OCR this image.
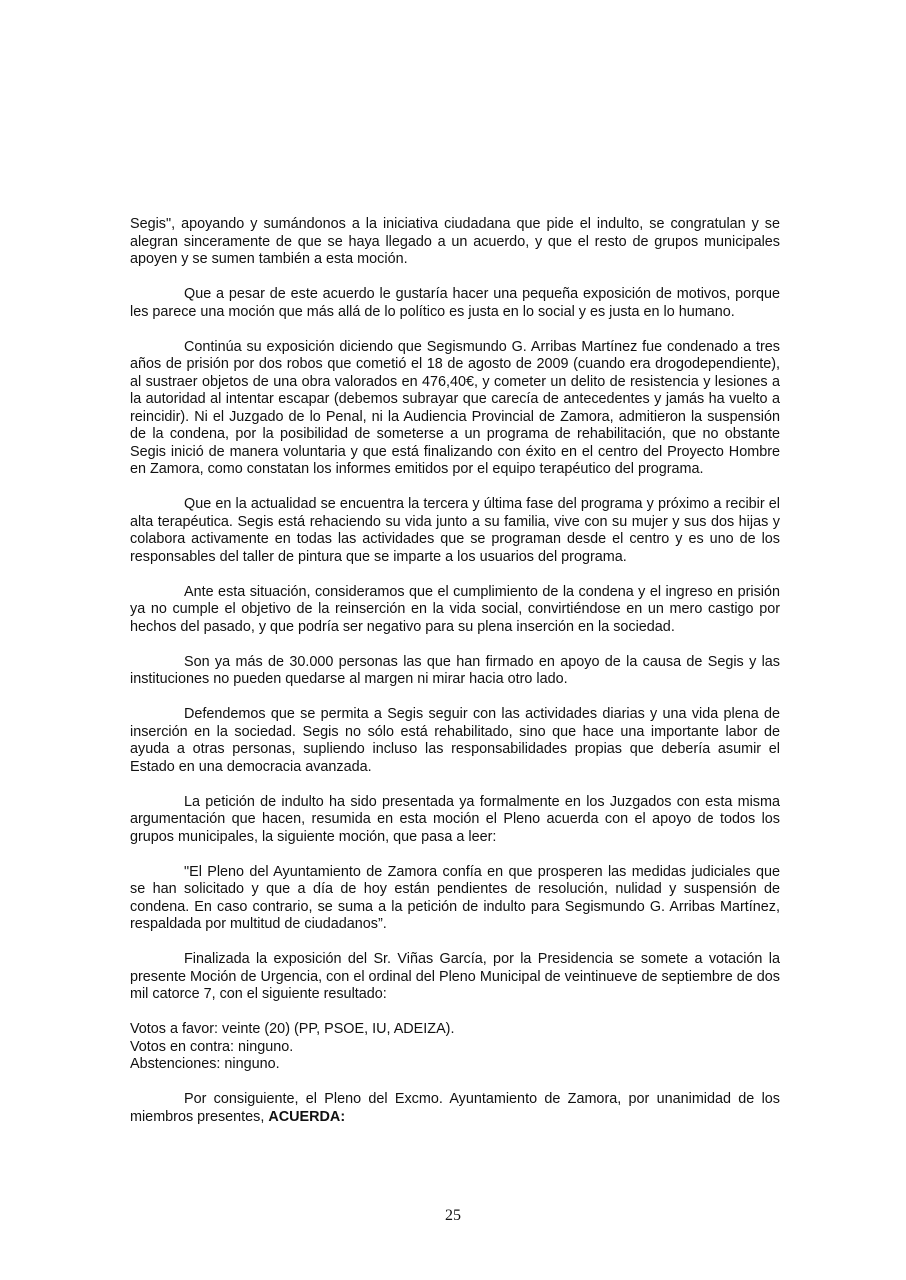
Segis", apoyando y sumándonos a la iniciativa ciudadana que pide el indulto, se congratulan y se alegran sinceramente de que se haya llegado a un acuerdo, y que el resto de grupos municipales apoyen y se sumen también a esta moción.

Que a pesar de este acuerdo le gustaría hacer una pequeña exposición de motivos, porque les parece una moción que más allá de lo político es justa en lo social y es justa en lo humano.

Continúa su exposición diciendo que Segismundo G. Arribas Martínez fue condenado a tres años de prisión por dos robos que cometió el 18 de agosto de 2009 (cuando era drogodependiente), al sustraer objetos de una obra valorados en 476,40€, y cometer un delito de resistencia y lesiones a la autoridad al intentar escapar (debemos subrayar que carecía de antecedentes y jamás ha vuelto a reincidir). Ni el Juzgado de lo Penal, ni la Audiencia Provincial de Zamora, admitieron la suspensión de la condena, por la posibilidad de someterse a un programa de rehabilitación, que no obstante Segis inició de manera voluntaria y que está finalizando con éxito en el centro del Proyecto Hombre en Zamora, como constatan los informes emitidos por el equipo terapéutico del programa.

Que en la actualidad se encuentra la tercera y última fase del programa y próximo a recibir el alta terapéutica. Segis está rehaciendo su vida junto a su familia, vive con su mujer y sus dos hijas y colabora activamente en todas las actividades que se programan desde el centro y es uno de los responsables del taller de pintura que se imparte a los usuarios del programa.

Ante esta situación, consideramos que el cumplimiento de la condena y el ingreso en prisión ya no cumple el objetivo de la reinserción en la vida social, convirtiéndose en un mero castigo por hechos del pasado, y que podría ser negativo para su plena inserción en la sociedad.

Son ya más de 30.000 personas las que han firmado en apoyo de la causa de Segis y las instituciones no pueden quedarse al margen ni mirar hacia otro lado.

Defendemos que se permita a Segis seguir con las actividades diarias y una vida plena de inserción en la sociedad. Segis no sólo está rehabilitado, sino que hace una importante labor de ayuda a otras personas, supliendo incluso las responsabilidades propias que debería asumir el Estado en una democracia avanzada.

La petición de indulto ha sido presentada ya formalmente en los Juzgados con esta misma argumentación que hacen, resumida en esta moción el Pleno acuerda con el apoyo de todos los grupos municipales, la siguiente moción, que pasa a leer:

"El Pleno del Ayuntamiento de Zamora confía en que prosperen las medidas judiciales que se han solicitado y que a día de hoy están pendientes de resolución, nulidad y suspensión de condena. En caso contrario, se suma a la petición de indulto para Segismundo G. Arribas Martínez, respaldada por multitud de ciudadanos”.

Finalizada la exposición del Sr. Viñas García, por la Presidencia se somete a votación la presente Moción de Urgencia, con el ordinal del Pleno Municipal de veintinueve de septiembre de dos mil catorce 7, con el siguiente resultado:

Votos a favor: veinte (20) (PP, PSOE, IU, ADEIZA).
Votos en contra: ninguno.
Abstenciones: ninguno.

Por consiguiente, el Pleno del Excmo. Ayuntamiento de Zamora, por unanimidad de los miembros presentes, ACUERDA:

25
